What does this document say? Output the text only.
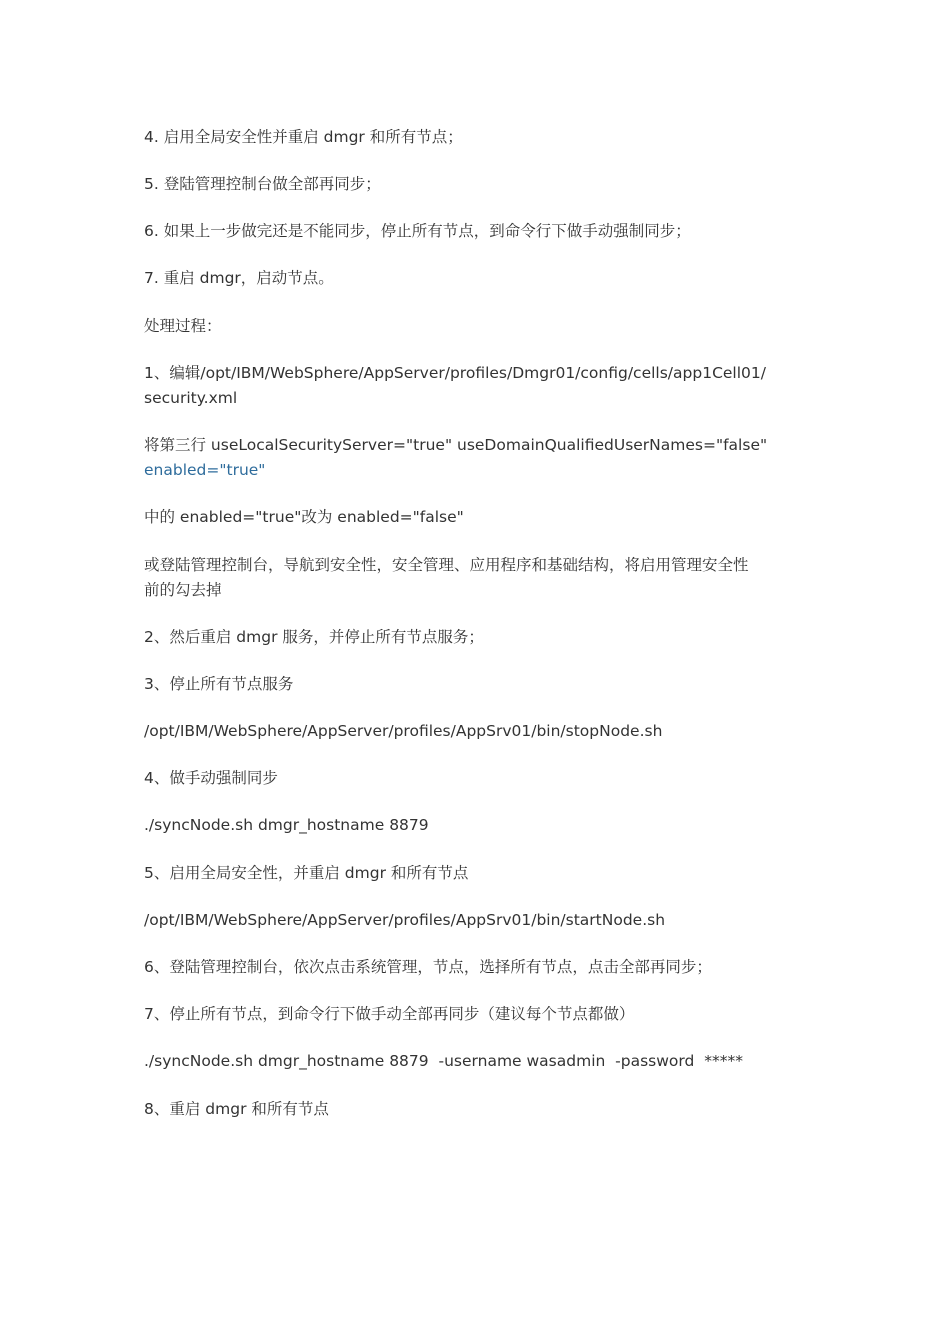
4. 启用全局安全性并重启 dmgr 和所有节点；

5. 登陆管理控制台做全部再同步；

6. 如果上一步做完还是不能同步，停止所有节点，到命令行下做手动强制同步；

7. 重启 dmgr，启动节点。

处理过程：

1、编辑/opt/IBM/WebSphere/AppServer/profiles/Dmgr01/config/cells/app1Cell01/

security.xml

将第三行 useLocalSecurityServer="true" useDomainQualifiedUserNames="false"

enabled="true"

中的 enabled="true"改为 enabled="false"

或登陆管理控制台，导航到安全性，安全管理、应用程序和基础结构，将启用管理安全性

前的勾去掉

2、然后重启 dmgr 服务，并停止所有节点服务；

3、停止所有节点服务

/opt/IBM/WebSphere/AppServer/profiles/AppSrv01/bin/stopNode.sh

4、做手动强制同步

./syncNode.sh dmgr_hostname 8879

5、启用全局安全性，并重启 dmgr 和所有节点

/opt/IBM/WebSphere/AppServer/profiles/AppSrv01/bin/startNode.sh

6、登陆管理控制台，依次点击系统管理，节点，选择所有节点，点击全部再同步；

7、停止所有节点，到命令行下做手动全部再同步（建议每个节点都做）

./syncNode.sh dmgr_hostname 8879  -username wasadmin  -password  *****

8、重启 dmgr 和所有节点
